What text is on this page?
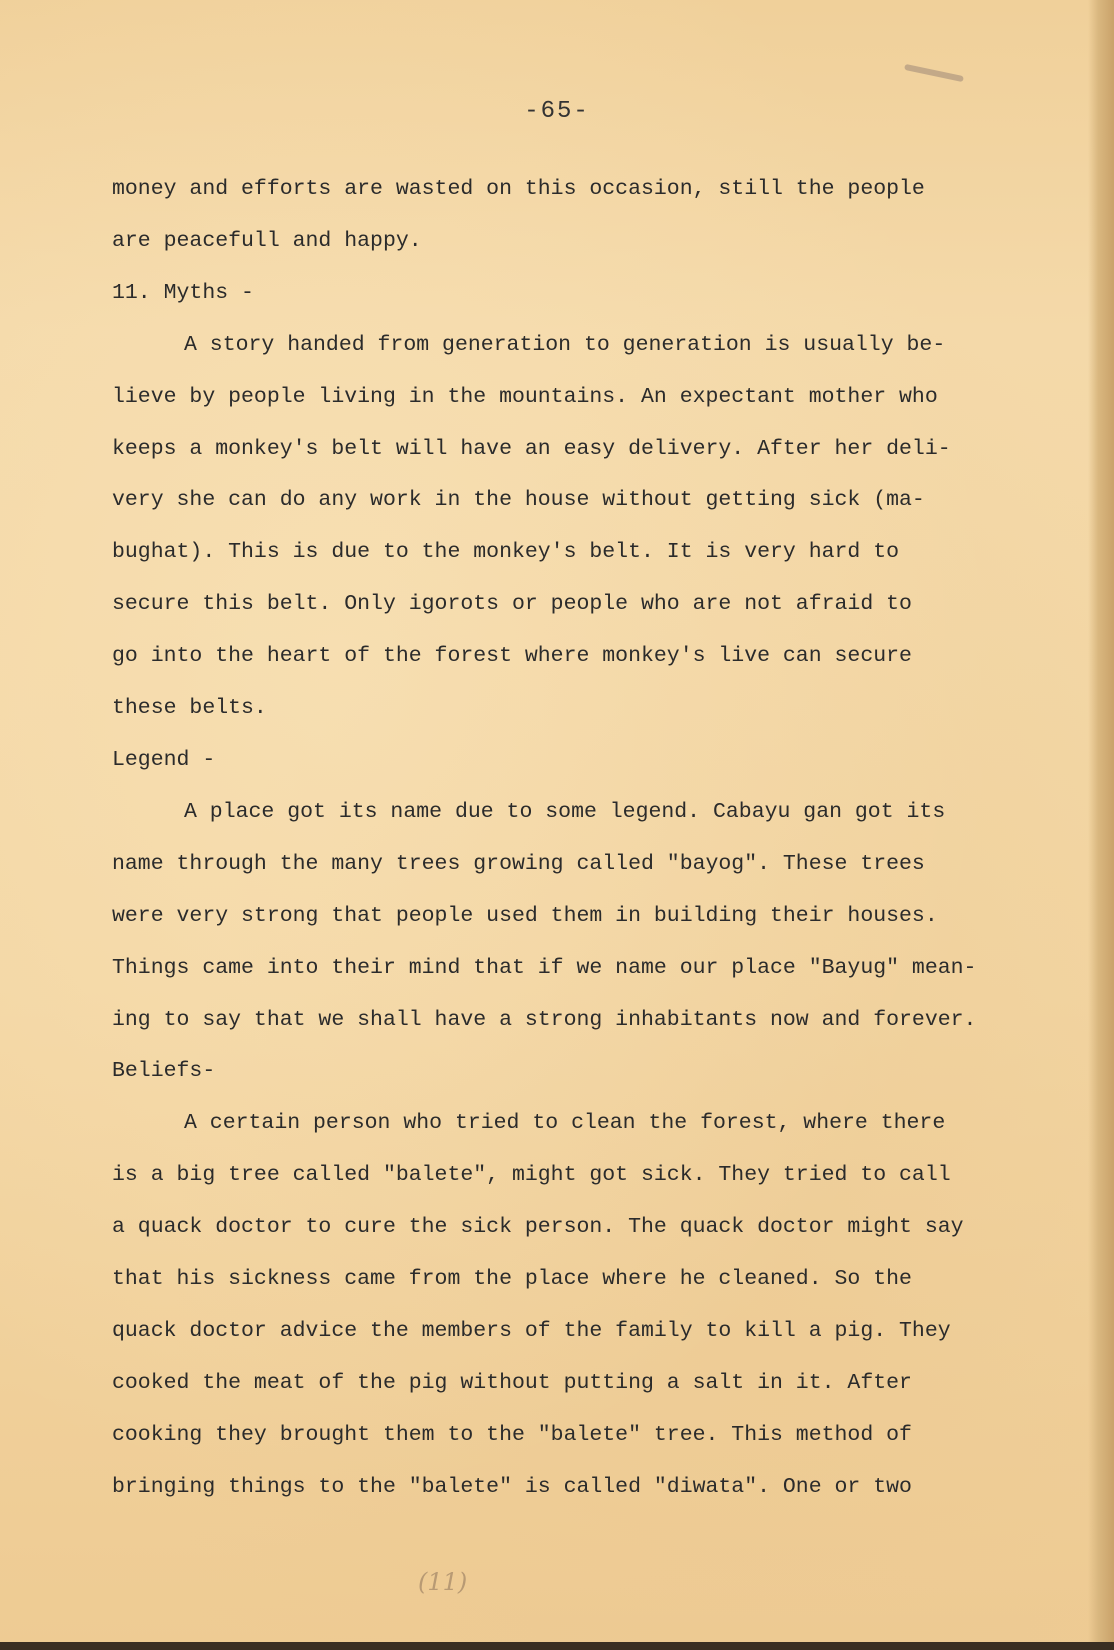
-65-
money and efforts are wasted on this occasion, still the people
are peacefull and happy.
11. Myths -
A story handed from generation to generation is usually be-
lieve by people living in the mountains. An expectant mother who
keeps a monkey's belt will have an easy delivery. After her deli-
very she can do any work in the house without getting sick (ma-
bughat). This is due to the monkey's belt. It is very hard to
secure this belt. Only igorots or people who are not afraid to
go into the heart of the forest where monkey's live can secure
these belts.
Legend -
A place got its name due to some legend. Cabayu gan got its
name through the many trees growing called "bayog". These trees
were very strong that people used them in building their houses.
Things came into their mind that if we name our place "Bayug" mean-
ing to say that we shall have a strong inhabitants now and forever.
Beliefs-
A certain person who tried to clean the forest, where there
is a big tree called "balete", might got sick. They tried to call
a quack doctor to cure the sick person. The quack doctor might say
that his sickness came from the place where he cleaned. So the
quack doctor advice the members of the family to kill a pig. They
cooked the meat of the pig without putting a salt in it. After
cooking they brought them to the "balete" tree. This method of
bringing things to the "balete" is called "diwata". One or two
(11)
